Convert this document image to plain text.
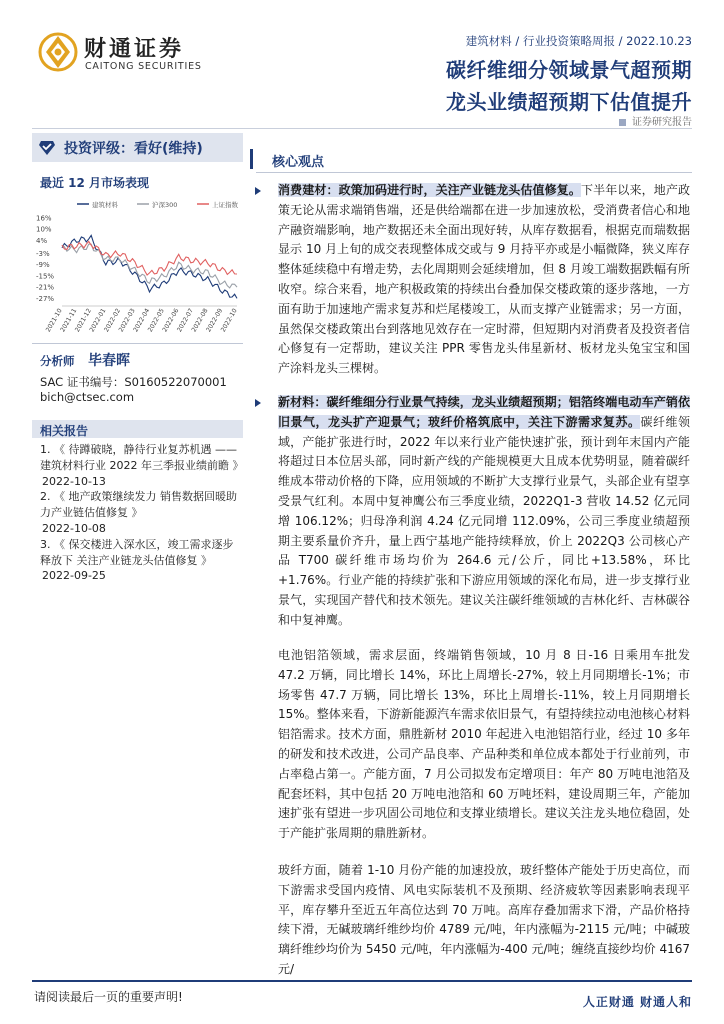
财通证券
CAITONG SECURITIES
建筑材料 / 行业投资策略周报 / 2022.10.23
碳纤维细分领域景气超预期
龙头业绩超预期下估值提升
证券研究报告
投资评级：看好(维持)
最近 12 月市场表现
建筑材料	沪深300	上证指数
16%
10%
4%
-3%
-9%
-15%
-21%
-27%
2021-10
2021-11
2021-12
2022-01
2022-02
2022-03
2022-04
2022-05
2022-06
2022-07
2022-08
2022-09
2022-10
分析师 毕春晖
SAC 证书编号：S0160522070001
bich@ctsec.com
相关报告
1. 《 待蹲破晓，静待行业复苏机遇 —— 建筑材料行业 2022 年三季报业绩前瞻 》
2022-10-13
2. 《 地产政策继续发力 销售数据回暖助力产业链估值修复 》
2022-10-08
3. 《 保交楼进入深水区，竣工需求逐步释放下 关注产业链龙头估值修复 》
2022-09-25
核心观点
消费建材：政策加码进行时，关注产业链龙头估值修复。下半年以来，地产政策无论从需求端销售端，还是供给端都在进一步加速放松，受消费者信心和地产融资端影响，地产数据还未全面出现好转，从库存数据看，根据克而瑞数据显示 10 月上旬的成交表现整体成交或与 9 月持平亦或是小幅微降，狭义库存整体延续稳中有增走势，去化周期则会延续增加，但 8 月竣工端数据跌幅有所收窄。综合来看，地产积极政策的持续出台叠加保交楼政策的逐步落地，一方面有助于加速地产需求复苏和烂尾楼竣工，从而支撑产业链需求；另一方面，虽然保交楼政策出台到落地见效存在一定时滞，但短期内对消费者及投资者信心修复有一定帮助，建议关注 PPR 零售龙头伟星新材、板材龙头兔宝宝和国产涂料龙头三棵树。
新材料：碳纤维细分行业景气持续，龙头业绩超预期；铝箔终端电动车产销依旧景气，龙头扩产迎景气；玻纤价格筑底中，关注下游需求复苏。碳纤维领域，产能扩张进行时，2022 年以来行业产能快速扩张，预计到年末国内产能将超过日本位居头部，同时新产线的产能规模更大且成本优势明显，随着碳纤维成本带动价格的下降，应用领域的不断扩大支撑行业景气，头部企业有望享受景气红利。本周中复神鹰公布三季度业绩，2022Q1-3 营收 14.52 亿元同增 106.12%；归母净利润 4.24 亿元同增 112.09%，公司三季度业绩超预期主要系量价齐升，量上西宁基地产能持续释放，价上 2022Q3 公司核心产品 T700 碳纤维市场均价为 264.6 元/公斤，同比+13.58%，环比+1.76%。行业产能的持续扩张和下游应用领域的深化布局，进一步支撑行业景气，实现国产替代和技术领先。建议关注碳纤维领域的吉林化纤、吉林碳谷和中复神鹰。
电池铝箔领域，需求层面，终端销售领域，10 月 8 日-16 日乘用车批发 47.2 万辆，同比增长 14%，环比上周增长-27%，较上月同期增长-1%；市场零售 47.7 万辆，同比增长 13%，环比上周增长-11%，较上月同期增长 15%。整体来看，下游新能源汽车需求依旧景气，有望持续拉动电池核心材料铝箔需求。技术方面，鼎胜新材 2010 年起进入电池铝箔行业，经过 10 多年的研发和技术改进，公司产品良率、产品种类和单位成本都处于行业前列，市占率稳占第一。产能方面，7 月公司拟发布定增项目：年产 80 万吨电池箔及配套坯料，其中包括 20 万吨电池箔和 60 万吨坯料，建设周期三年，产能加速扩张有望进一步巩固公司地位和支撑业绩增长。建议关注龙头地位稳固，处于产能扩张周期的鼎胜新材。
玻纤方面，随着 1-10 月份产能的加速投放，玻纤整体产能处于历史高位，而下游需求受国内疫情、风电实际装机不及预期、经济疲软等因素影响表现平平，库存攀升至近五年高位达到 70 万吨。高库存叠加需求下滑，产品价格持续下滑，无碱玻璃纤维纱均价 4789 元/吨，年内涨幅为-2115 元/吨；中碱玻璃纤维纱均价为 5450 元/吨，年内涨幅为-400 元/吨；缠绕直接纱均价 4167 元/
请阅读最后一页的重要声明!	人正财通 财通人和
